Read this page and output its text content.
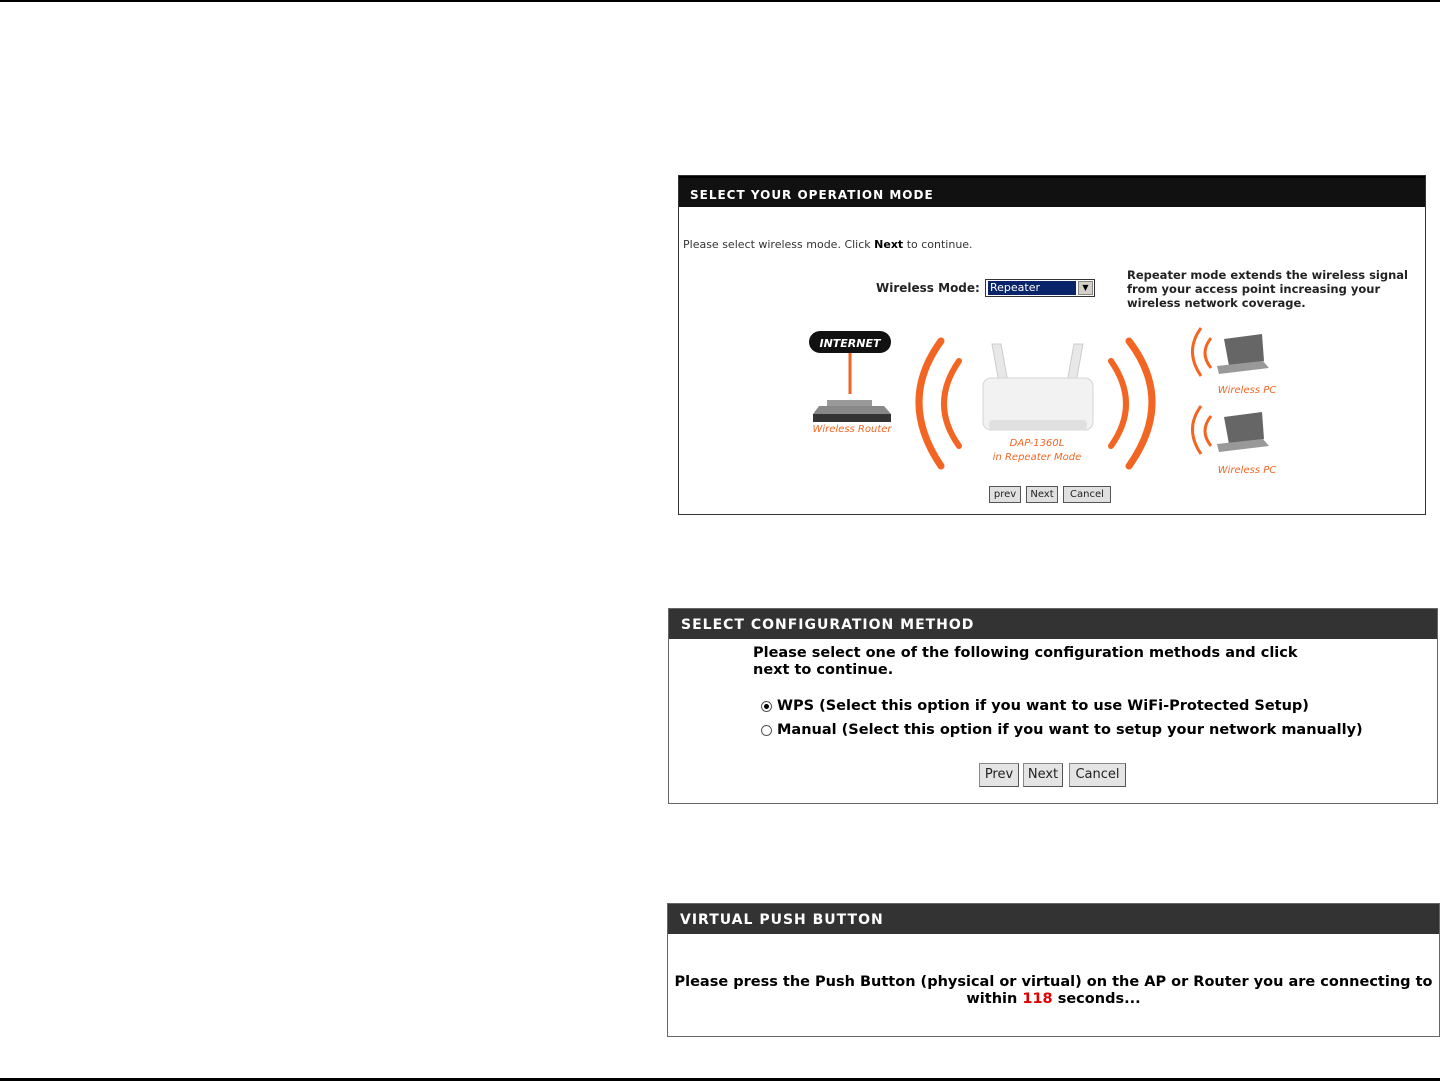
SELECT YOUR OPERATION MODE
Please select wireless mode. Click Next to continue.
Wireless Mode: Repeater	▼
Repeater mode extends the wireless signal from your access point increasing your wireless network coverage.
INTERNET
Wireless Router
DAP-1360L
in Repeater Mode
Wireless PC
Wireless PC
prev	Next	Cancel
SELECT CONFIGURATION METHOD
Please select one of the following configuration methods and click next to continue.
WPS (Select this option if you want to use WiFi-Protected Setup)
Manual (Select this option if you want to setup your network manually)
Prev	Next	Cancel
VIRTUAL PUSH BUTTON
Please press the Push Button (physical or virtual) on the AP or Router you are connecting to within 118 seconds...
